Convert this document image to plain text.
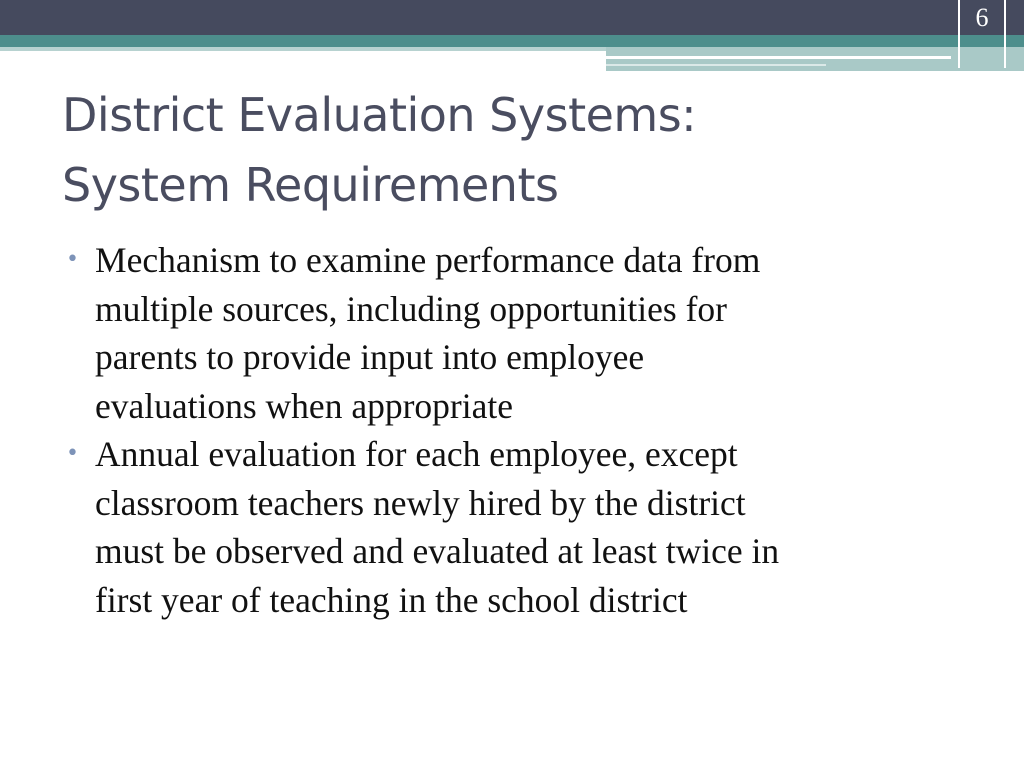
6
District Evaluation Systems:
System Requirements
• Mechanism to examine performance data from
multiple sources, including opportunities for
parents to provide input into employee
evaluations when appropriate
• Annual evaluation for each employee, except
classroom teachers newly hired by the district
must be observed and evaluated at least twice in
first year of teaching in the school district
